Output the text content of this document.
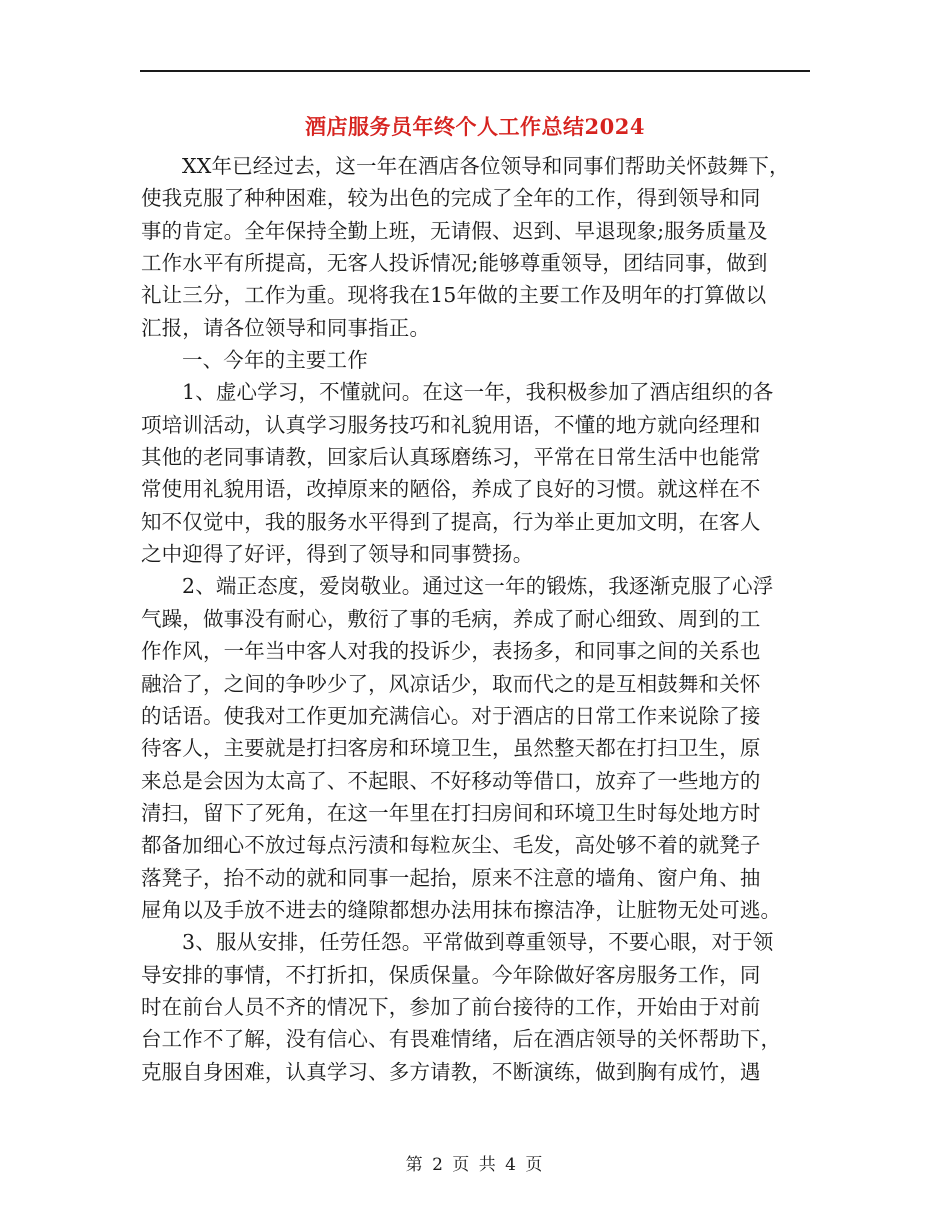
酒店服务员年终个人工作总结2024
XX年已经过去，这一年在酒店各位领导和同事们帮助关怀鼓舞下，
使我克服了种种困难，较为出色的完成了全年的工作，得到领导和同
事的肯定。全年保持全勤上班，无请假、迟到、早退现象;服务质量及
工作水平有所提高，无客人投诉情况;能够尊重领导，团结同事，做到
礼让三分，工作为重。现将我在15年做的主要工作及明年的打算做以
汇报，请各位领导和同事指正。
一、今年的主要工作
1、虚心学习，不懂就问。在这一年，我积极参加了酒店组织的各
项培训活动，认真学习服务技巧和礼貌用语，不懂的地方就向经理和
其他的老同事请教，回家后认真琢磨练习，平常在日常生活中也能常
常使用礼貌用语，改掉原来的陋俗，养成了良好的习惯。就这样在不
知不仅觉中，我的服务水平得到了提高，行为举止更加文明，在客人
之中迎得了好评，得到了领导和同事赞扬。
2、端正态度，爱岗敬业。通过这一年的锻炼，我逐渐克服了心浮
气躁，做事没有耐心，敷衍了事的毛病，养成了耐心细致、周到的工
作作风，一年当中客人对我的投诉少，表扬多，和同事之间的关系也
融洽了，之间的争吵少了，风凉话少，取而代之的是互相鼓舞和关怀
的话语。使我对工作更加充满信心。对于酒店的日常工作来说除了接
待客人，主要就是打扫客房和环境卫生，虽然整天都在打扫卫生，原
来总是会因为太高了、不起眼、不好移动等借口，放弃了一些地方的
清扫，留下了死角，在这一年里在打扫房间和环境卫生时每处地方时
都备加细心不放过每点污渍和每粒灰尘、毛发，高处够不着的就凳子
落凳子，抬不动的就和同事一起抬，原来不注意的墙角、窗户角、抽
屉角以及手放不进去的缝隙都想办法用抹布擦洁净，让脏物无处可逃。
3、服从安排，任劳任怨。平常做到尊重领导，不要心眼，对于领
导安排的事情，不打折扣，保质保量。今年除做好客房服务工作，同
时在前台人员不齐的情况下，参加了前台接待的工作，开始由于对前
台工作不了解，没有信心、有畏难情绪，后在酒店领导的关怀帮助下，
克服自身困难，认真学习、多方请教，不断演练，做到胸有成竹，遇
第 2 页 共 4 页
